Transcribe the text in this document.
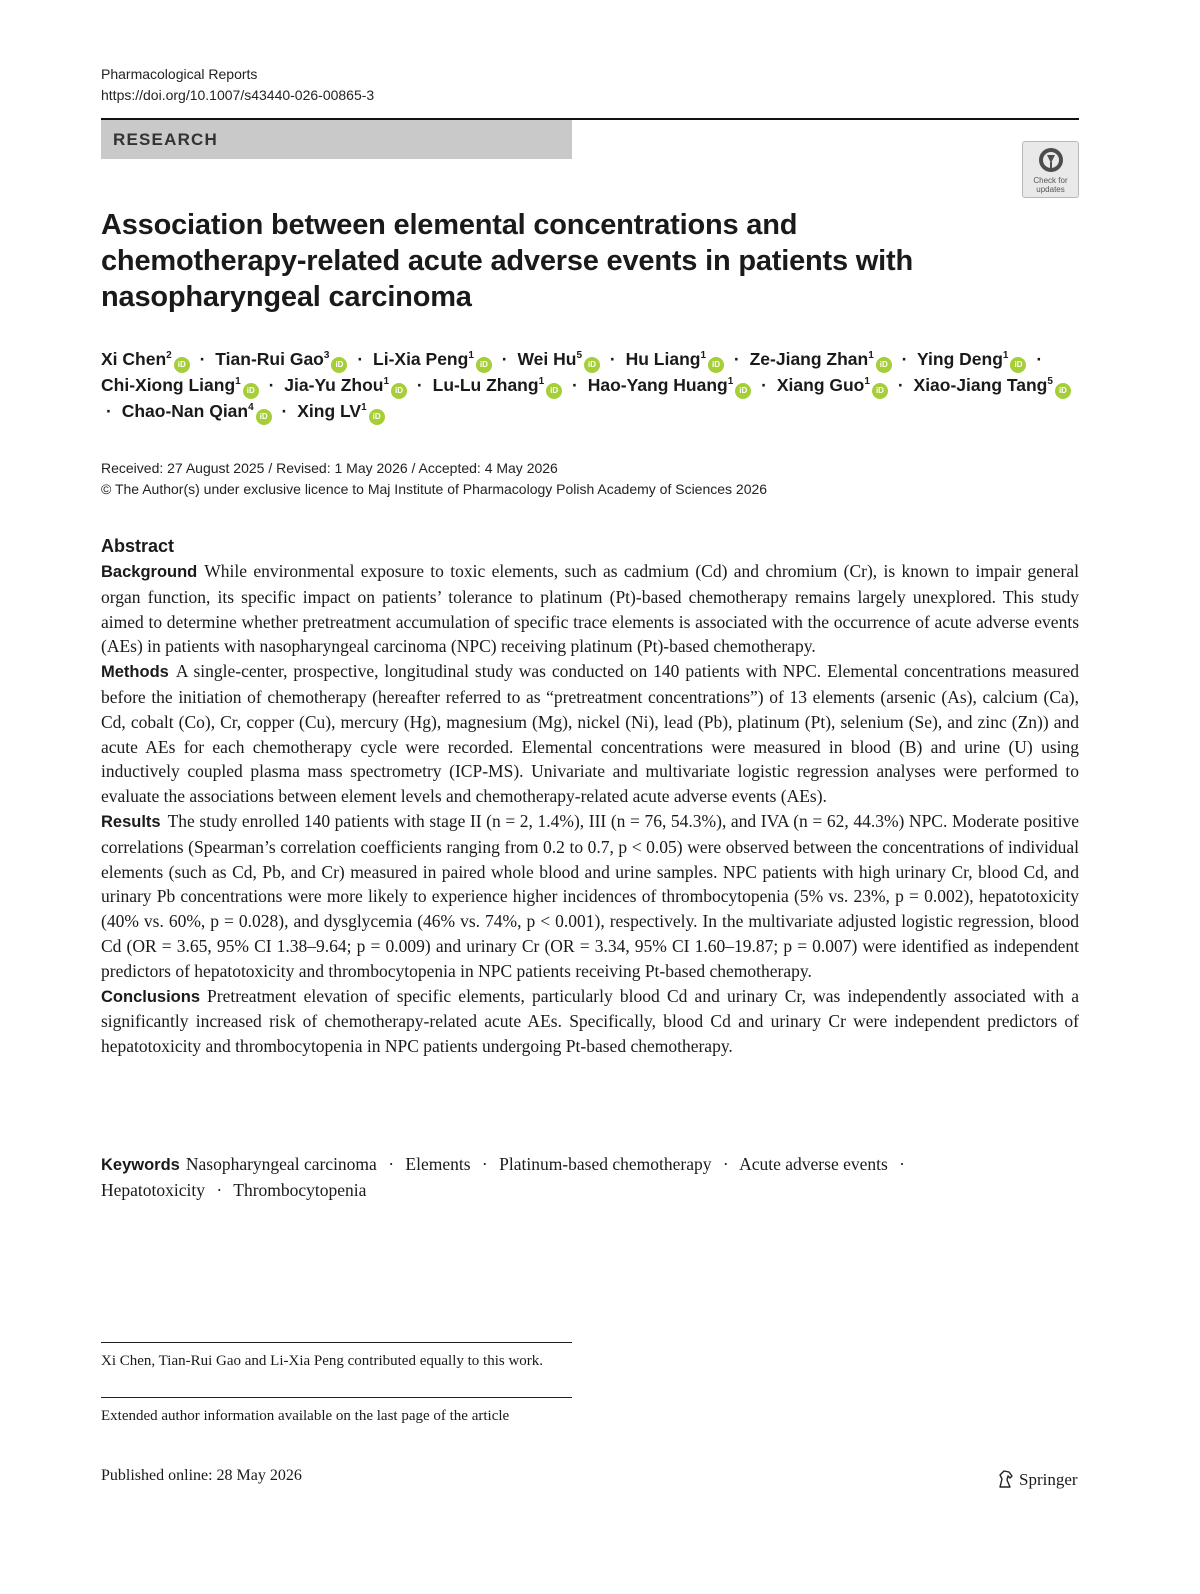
Pharmacological Reports
https://doi.org/10.1007/s43440-026-00865-3
RESEARCH
Check for
updates
Association between elemental concentrations and chemotherapy-related acute adverse events in patients with nasopharyngeal carcinoma
Xi Chen$^2$iD · Tian-Rui Gao$^3$iD · Li-Xia Peng$^1$iD · Wei $Hu^5iD \cdot Hu$ Liang$^1$iD · Ze-Jiang Zhan$^1$iD · Ying Deng$^1$iD · Chi-Xiong Liang$^1$iD · Jia-Yu Zhou$^1$iD · Lu-Lu Zhang$^1$iD · Hao-Yang Huang$^1$iD · Xiang Guo$^1$iD · Xiao-Jiang Tang$^5$iD · Chao-Nan Qian$^4$iD · Xing $LV^1iD$
Received: 27 August 2025 / Revised: 1 May 2026 / Accepted: 4 May 2026
© The Author(s) under exclusive licence to Maj Institute of Pharmacology Polish Academy of Sciences 2026
Abstract

Background While environmental exposure to toxic elements, such as cadmium (Cd) and chromium (Cr), is known to impair general organ function, its specific impact on patients’ tolerance to platinum (Pt)-based chemotherapy remains largely unexplored. This study aimed to determine whether pretreatment accumulation of specific trace elements is associated with the occurrence of acute adverse events (AEs) in patients with nasopharyngeal carcinoma (NPC) receiving platinum (Pt)-based chemotherapy.

Methods A single-center, prospective, longitudinal study was conducted on 140 patients with NPC. Elemental concentrations measured before the initiation of chemotherapy (hereafter referred to as “pretreatment concentrations”) of 13 elements (arsenic (As), calcium (Ca), Cd, cobalt (Co), Cr, copper (Cu), mercury (Hg), magnesium (Mg), nickel (Ni), lead (Pb), platinum (Pt), selenium (Se), and zinc (Zn)) and acute AEs for each chemotherapy cycle were recorded. Elemental concentrations were measured in blood (B) and urine (U) using inductively coupled plasma mass spectrometry (ICP-MS). Univariate and multivariate logistic regression analyses were performed to evaluate the associations between element levels and chemotherapy-related acute adverse events (AEs).

Results The study enrolled 140 patients with stage II (n = 2, 1.4%), III (n = 76, 54.3%), and IVA (n = 62, 44.3%) NPC. Moderate positive correlations (Spearman’s correlation coefficients ranging from 0.2 to 0.7, p < 0.05) were observed between the concentrations of individual elements (such as Cd, Pb, and Cr) measured in paired whole blood and urine samples. NPC patients with high urinary Cr, blood Cd, and urinary Pb concentrations were more likely to experience higher incidences of thrombocytopenia (5% vs. 23%, p = 0.002), hepatotoxicity (40% vs. 60%, p = 0.028), and dysglycemia (46% vs. 74%, p < 0.001), respectively. In the multivariate adjusted logistic regression, blood Cd (OR = 3.65, 95% CI 1.38–9.64; p = 0.009) and urinary Cr (OR = 3.34, 95% CI 1.60–19.87; p = 0.007) were identified as independent predictors of hepatotoxicity and thrombocytopenia in NPC patients receiving Pt-based chemotherapy.

Conclusions Pretreatment elevation of specific elements, particularly blood Cd and urinary Cr, was independently associated with a significantly increased risk of chemotherapy-related acute AEs. Specifically, blood Cd and urinary Cr were independent predictors of hepatotoxicity and thrombocytopenia in NPC patients undergoing Pt-based chemotherapy.

Keywords Nasopharyngeal carcinoma · Elements · Platinum-based chemotherapy · Acute adverse events · Hepatotoxicity · Thrombocytopenia
Xi Chen, Tian-Rui Gao and Li-Xia Peng contributed equally to this work.
Extended author information available on the last page of the article
Published online: 28 May 2026	Springer
